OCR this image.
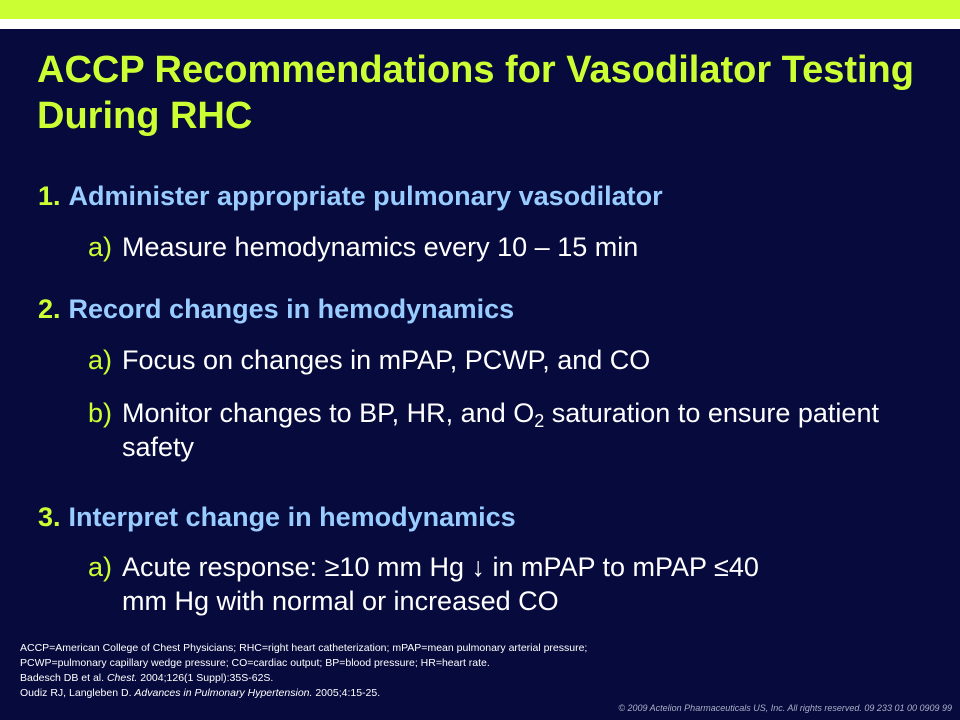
ACCP Recommendations for Vasodilator Testing During RHC
1. Administer appropriate pulmonary vasodilator
a) Measure hemodynamics every 10 – 15 min
2. Record changes in hemodynamics
a) Focus on changes in mPAP, PCWP, and CO
b) Monitor changes to BP, HR, and $O_2$ saturation to ensure patient safety
3. Interpret change in hemodynamics
a) Acute response: ≥10 mm Hg ↓ in mPAP to mPAP ≤40 mm Hg with normal or increased CO
ACCP=American College of Chest Physicians; RHC=right heart catheterization; mPAP=mean pulmonary arterial pressure;
PCWP=pulmonary capillary wedge pressure; CO=cardiac output; BP=blood pressure; HR=heart rate.
Badesch DB et al. Chest. 2004;126(1 Suppl):35S-62S.
Oudiz RJ, Langleben D. Advances in Pulmonary Hypertension. 2005;4:15-25.
© 2009 Actelion Pharmaceuticals US, Inc. All rights reserved. 09 233 01 00 0909 99
